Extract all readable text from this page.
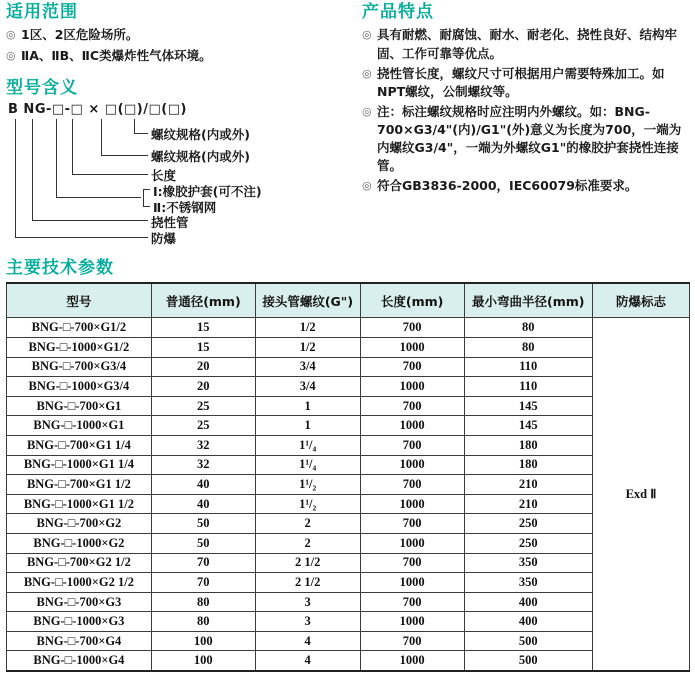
适用范围
◎ 1区、2区危险场所。
◎ ⅡA、ⅡB、ⅡC类爆炸性气体环境。
型号含义
B NG-□-□ × □(□)/□(□)
螺纹规格(内或外)
螺纹规格(内或外)
长度
Ⅰ:橡胶护套(可不注)
Ⅱ:不锈钢网
挠性管
防爆
产品特点
◎ 具有耐燃、耐腐蚀、耐水、耐老化、挠性良好、结构牢固、工作可靠等优点。
◎ 挠性管长度，螺纹尺寸可根据用户需要特殊加工。如NPT螺纹，公制螺纹等。
◎ 注：标注螺纹规格时应注明内外螺纹。如：BNG-700×G3/4"(内)/G1"(外)意义为长度为700，一端为内螺纹G3/4"，一端为外螺纹G1"的橡胶护套挠性连接管。
◎ 符合GB3836-2000，IEC60079标准要求。
主要技术参数
型号	普通径(mm)	接头管螺纹(G")	长度(mm)	最小弯曲半径(mm)	防爆标志
BNG-□-700×G1/2	15	1/2	700	80	Exd Ⅱ
BNG-□-1000×G1/2	15	1/2	1000	80	
BNG-□-700×G3/4	20	3/4	700	110	
BNG-□-1000×G3/4	20	3/4	1000	110	
BNG-□-700×G1	25	1	700	145	
BNG-□-1000×G1	25	1	1000	145	
BNG-□-700×G1 1/4	32	1¹/₄	700	180	
BNG-□-1000×G1 1/4	32	1¹/₄	1000	180	
BNG-□-700×G1 1/2	40	1¹/₂	700	210	
BNG-□-1000×G1 1/2	40	1¹/₂	1000	210	
BNG-□-700×G2	50	2	700	250	
BNG-□-1000×G2	50	2	1000	250	
BNG-□-700×G2 1/2	70	2 1/2	700	350	
BNG-□-1000×G2 1/2	70	2 1/2	1000	350	
BNG-□-700×G3	80	3	700	400	
BNG-□-1000×G3	80	3	1000	400	
BNG-□-700×G4	100	4	700	500	
BNG-□-1000×G4	100	4	1000	500	
